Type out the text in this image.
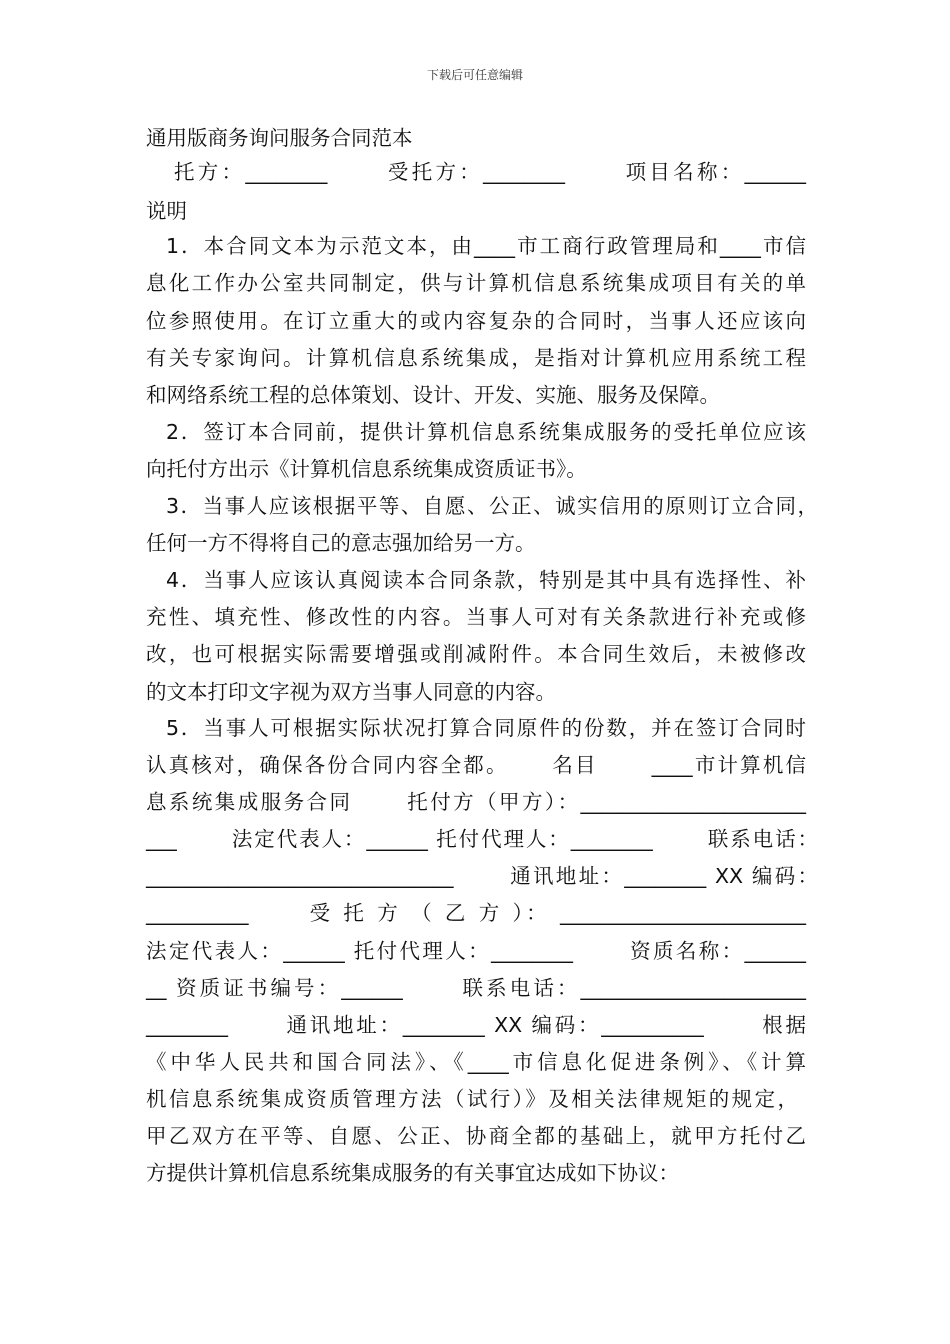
下载后可任意编辑
通用版商务询问服务合同范本
托方：________　　 受托方：________　　 项目名称：______
说明
1．本合同文本为示范文本，由____市工商行政管理局和____市信
息化工作办公室共同制定，供与计算机信息系统集成项目有关的单
位参照使用。在订立重大的或内容复杂的合同时，当事人还应该向
有关专家询问。计算机信息系统集成，是指对计算机应用系统工程
和网络系统工程的总体策划、设计、开发、实施、服务及保障。
2．签订本合同前，提供计算机信息系统集成服务的受托单位应该
向托付方出示《计算机信息系统集成资质证书》。
3．当事人应该根据平等、自愿、公正、诚实信用的原则订立合同，
任何一方不得将自己的意志强加给另一方。
4．当事人应该认真阅读本合同条款，特别是其中具有选择性、补
充性、填充性、修改性的内容。当事人可对有关条款进行补充或修
改，也可根据实际需要增强或削减附件。本合同生效后，未被修改
的文本打印文字视为双方当事人同意的内容。
5．当事人可根据实际状况打算合同原件的份数，并在签订合同时
认真核对，确保各份合同内容全都。　　 名目　　 ____市计算机信
息系统集成服务合同　　 托付方（甲方）：______________________
___　　 法定代表人：______ 托付代理人：________　　 联系电话：
______________________________　　 通讯地址：________ XX 编码：
__________　　 受 托 方 （ 乙 方 ）： ________________________
法定代表人：______ 托付代理人：________　　 资质名称：______
__ 资质证书编号：______　　 联系电话：______________________
________　　 通讯地址：________ XX 编码：__________　　 根据
《中华人民共和国合同法》、《____市信息化促进条例》、《计算
机信息系统集成资质管理方法（试行）》及相关法律规矩的规定，
甲乙双方在平等、自愿、公正、协商全都的基础上，就甲方托付乙
方提供计算机信息系统集成服务的有关事宜达成如下协议：
